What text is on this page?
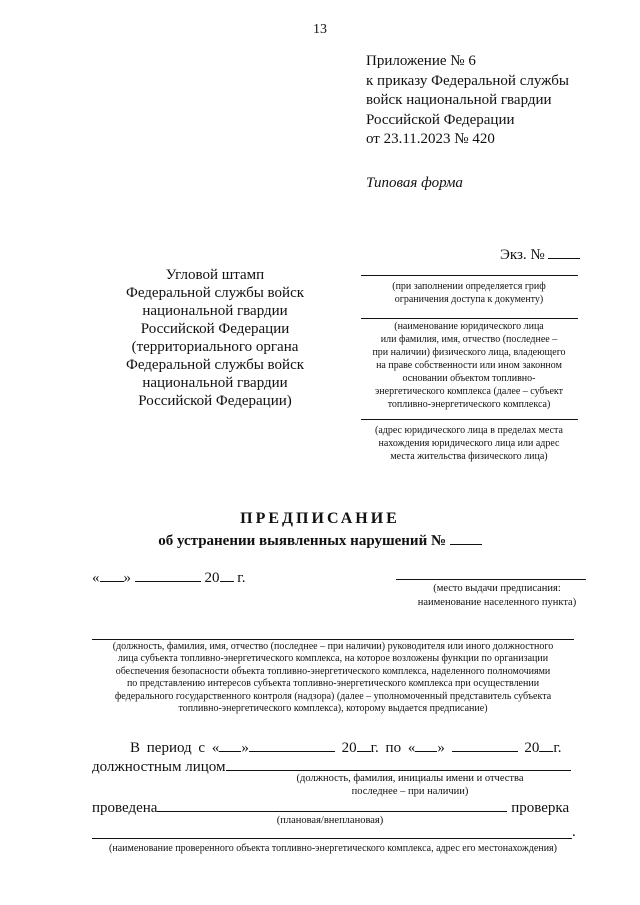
13
Приложение № 6
к приказу Федеральной службы
войск национальной гвардии
Российской Федерации
от 23.11.2023 № 420
Типовая форма
Экз. №
Угловой штамп
Федеральной службы войск
национальной гвардии
Российской Федерации
(территориального органа
Федеральной службы войск
национальной гвардии
Российской Федерации)
(при заполнении определяется гриф
ограничения доступа к документу)
(наименование юридического лица
или фамилия, имя, отчество (последнее –
при наличии) физического лица, владеющего
на праве собственности или ином законном
основании объектом топливно-
энергетического комплекса (далее – субъект
топливно-энергетического комплекса)
(адрес юридического лица в пределах места
нахождения юридического лица или адрес
места жительства физического лица)
ПРЕДПИСАНИЕ
об устранении выявленных нарушений №
« »	20 г.
(место выдачи предписания:
наименование населенного пункта)
(должность, фамилия, имя, отчество (последнее – при наличии) руководителя или иного должностного
лица субъекта топливно-энергетического комплекса, на которое возложены функции по организации
обеспечения безопасности объекта топливно-энергетического комплекса, наделенного полномочиями
по представлению интересов субъекта топливно-энергетического комплекса при осуществлении
федерального государственного контроля (надзора) (далее – уполномоченный представитель субъекта
топливно-энергетического комплекса), которому выдается предписание)
В период с « »	20 г. по « »	20 г.
должностным лицом
(должность, фамилия, инициалы имени и отчества
последнее – при наличии)
проведена	проверка
(плановая/внеплановая)
.
(наименование проверенного объекта топливно-энергетического комплекса, адрес его местонахождения)
